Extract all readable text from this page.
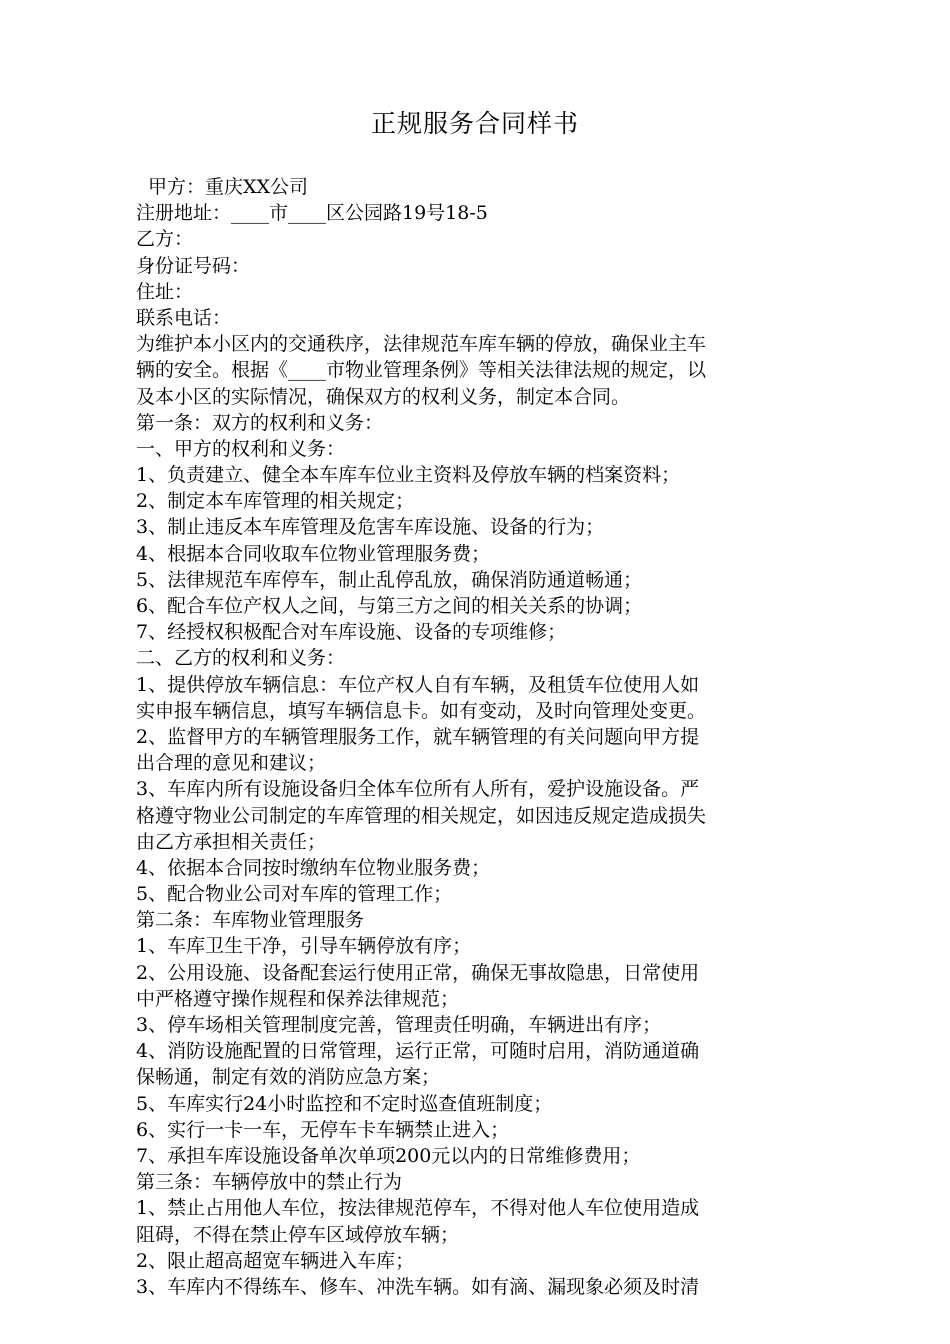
正规服务合同样书
甲方：重庆XX公司
注册地址：____市____区公园路19号18-5
乙方：
身份证号码：
住址：
联系电话：
为维护本小区内的交通秩序，法律规范车库车辆的停放，确保业主车
辆的安全。根据《____市物业管理条例》等相关法律法规的规定，以
及本小区的实际情况，确保双方的权利义务，制定本合同。
第一条：双方的权利和义务：
一、甲方的权利和义务：
1、负责建立、健全本车库车位业主资料及停放车辆的档案资料；
2、制定本车库管理的相关规定；
3、制止违反本车库管理及危害车库设施、设备的行为；
4、根据本合同收取车位物业管理服务费；
5、法律规范车库停车，制止乱停乱放，确保消防通道畅通；
6、配合车位产权人之间，与第三方之间的相关关系的协调；
7、经授权积极配合对车库设施、设备的专项维修；
二、乙方的权利和义务：
1、提供停放车辆信息：车位产权人自有车辆，及租赁车位使用人如
实申报车辆信息，填写车辆信息卡。如有变动，及时向管理处变更。
2、监督甲方的车辆管理服务工作，就车辆管理的有关问题向甲方提
出合理的意见和建议；
3、车库内所有设施设备归全体车位所有人所有，爱护设施设备。严
格遵守物业公司制定的车库管理的相关规定，如因违反规定造成损失
由乙方承担相关责任；
4、依据本合同按时缴纳车位物业服务费；
5、配合物业公司对车库的管理工作；
第二条：车库物业管理服务
1、车库卫生干净，引导车辆停放有序；
2、公用设施、设备配套运行使用正常，确保无事故隐患，日常使用
中严格遵守操作规程和保养法律规范；
3、停车场相关管理制度完善，管理责任明确，车辆进出有序；
4、消防设施配置的日常管理，运行正常，可随时启用，消防通道确
保畅通，制定有效的消防应急方案；
5、车库实行24小时监控和不定时巡查值班制度；
6、实行一卡一车，无停车卡车辆禁止进入；
7、承担车库设施设备单次单项200元以内的日常维修费用；
第三条：车辆停放中的禁止行为
1、禁止占用他人车位，按法律规范停车，不得对他人车位使用造成
阻碍，不得在禁止停车区域停放车辆；
2、限止超高超宽车辆进入车库；
3、车库内不得练车、修车、冲洗车辆。如有滴、漏现象必须及时清
